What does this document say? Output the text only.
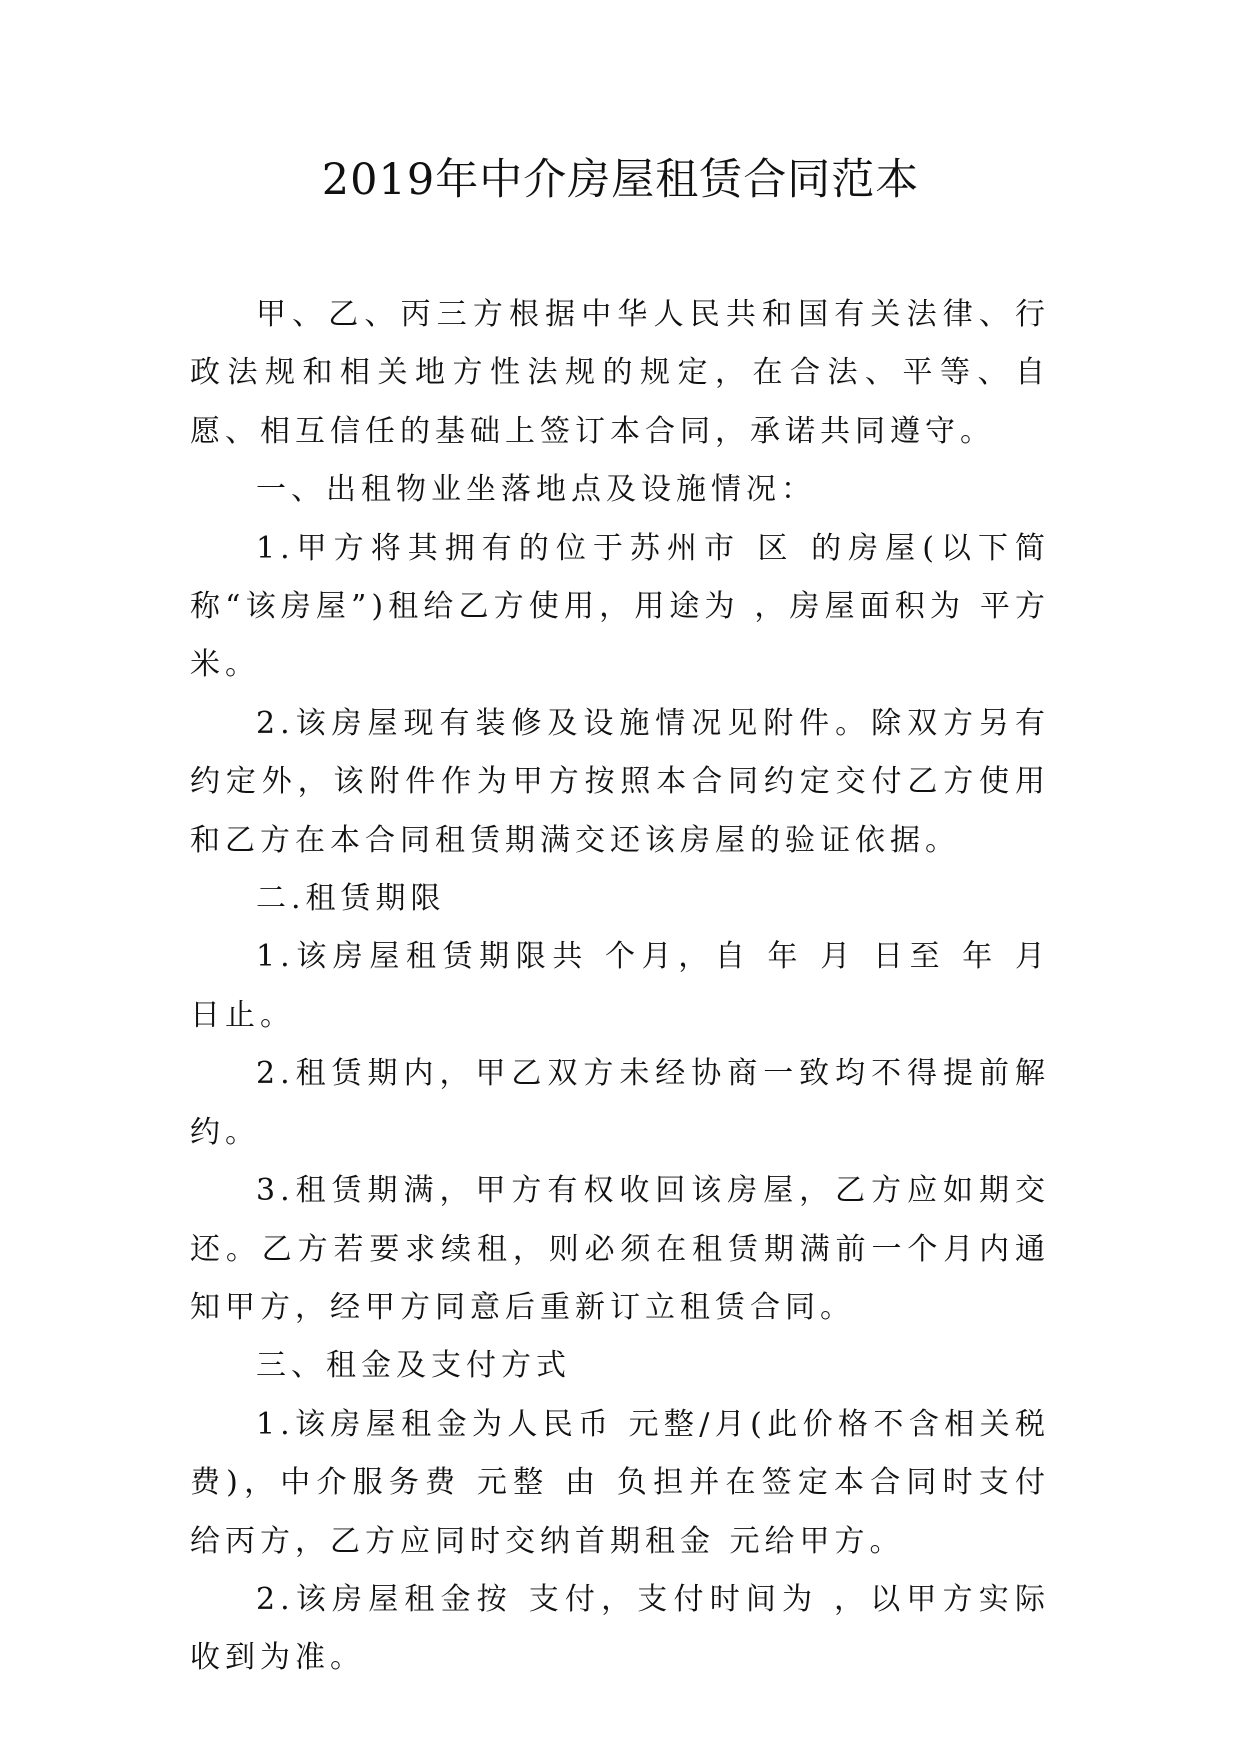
2019年中介房屋租赁合同范本

甲、乙、丙三方根据中华人民共和国有关法律、行政法规和相关地方性法规的规定，在合法、平等、自愿、相互信任的基础上签订本合同，承诺共同遵守。

一、出租物业坐落地点及设施情况：

1.甲方将其拥有的位于苏州市 区 的房屋(以下简称“该房屋”)租给乙方使用，用途为 ，房屋面积为 平方米。

2.该房屋现有装修及设施情况见附件。除双方另有约定外，该附件作为甲方按照本合同约定交付乙方使用和乙方在本合同租赁期满交还该房屋的验证依据。

二.租赁期限

1.该房屋租赁期限共 个月，自 年 月 日至 年 月 日止。

2.租赁期内，甲乙双方未经协商一致均不得提前解约。

3.租赁期满，甲方有权收回该房屋，乙方应如期交还。乙方若要求续租，则必须在租赁期满前一个月内通知甲方，经甲方同意后重新订立租赁合同。

三、租金及支付方式

1.该房屋租金为人民币 元整/月(此价格不含相关税费)，中介服务费 元整 由 负担并在签定本合同时支付给丙方，乙方应同时交纳首期租金 元给甲方。

2.该房屋租金按 支付，支付时间为 ，以甲方实际收到为准。
